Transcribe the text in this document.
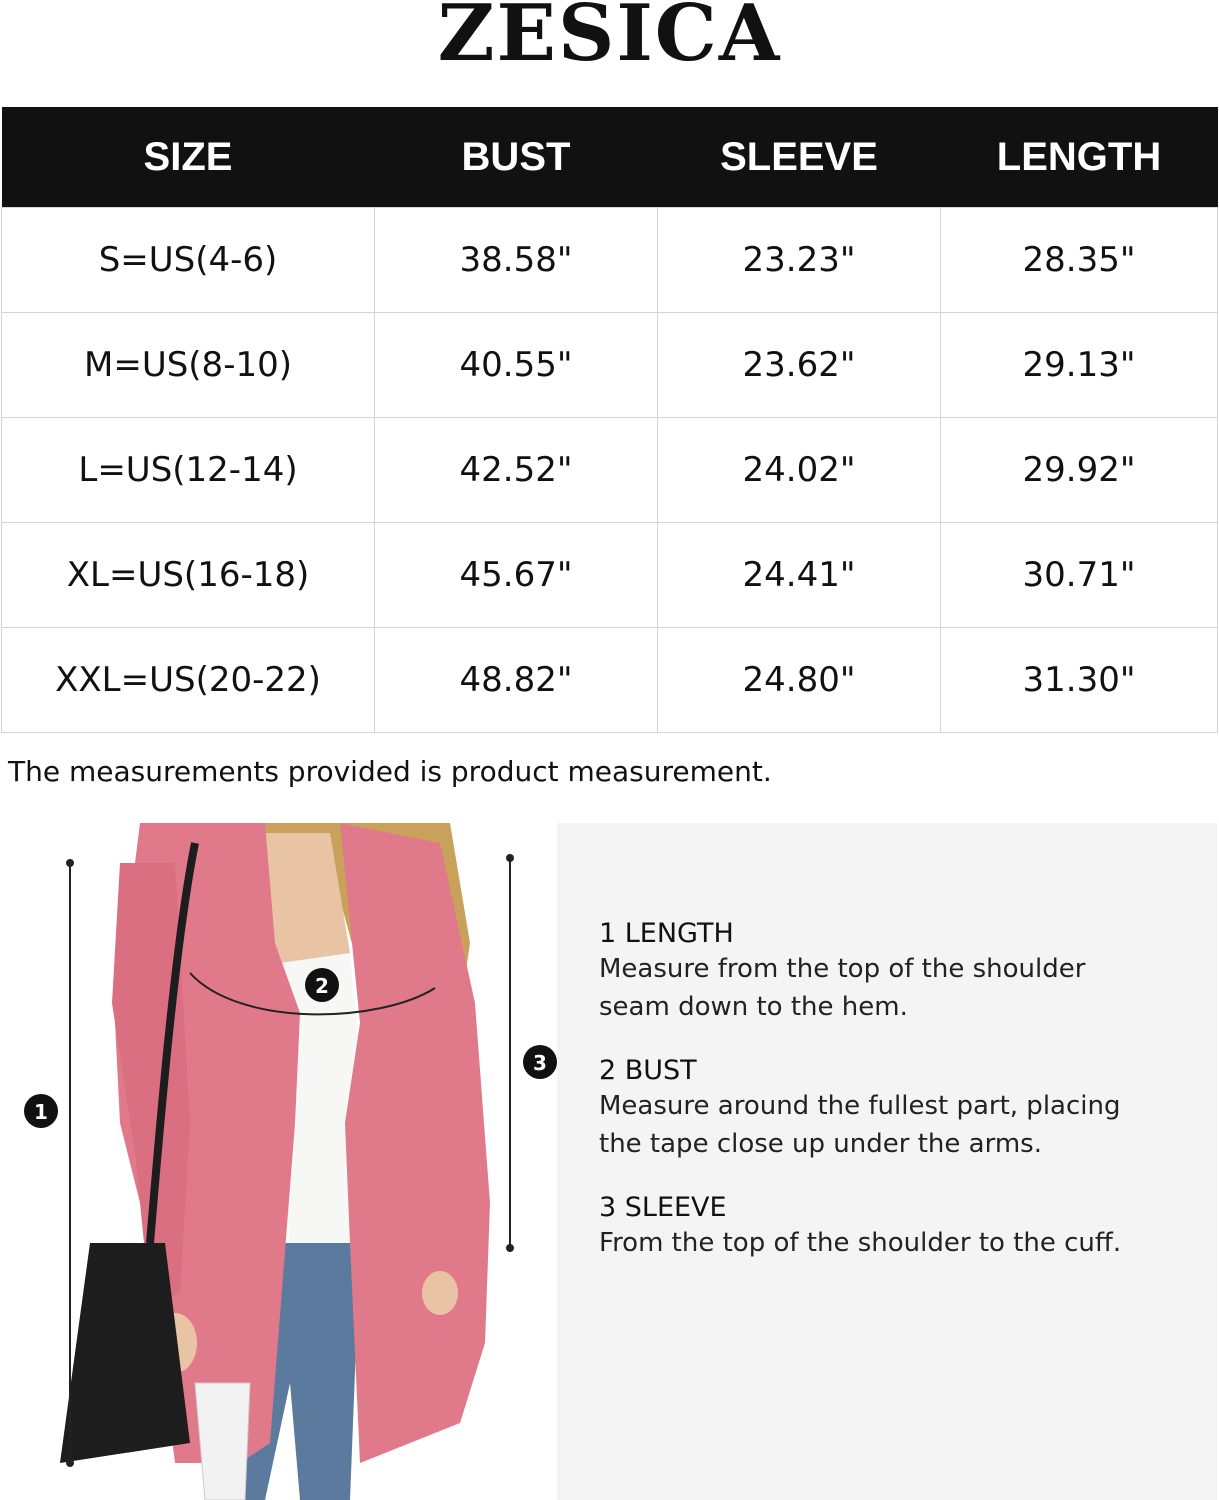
ZESICA
SIZE	BUST	SLEEVE	LENGTH
S=US(4-6)	38.58"	23.23"	28.35"
M=US(8-10)	40.55"	23.62"	29.13"
L=US(12-14)	42.52"	24.02"	29.92"
XL=US(16-18)	45.67"	24.41"	30.71"
XXL=US(20-22)	48.82"	24.80"	31.30"
The measurements provided is product measurement.
1
2
3
1 LENGTH
Measure from the top of the shoulder
seam down to the hem.
2 BUST
Measure around the fullest part, placing
the tape close up under the arms.
3 SLEEVE
From the top of the shoulder to the cuff.
